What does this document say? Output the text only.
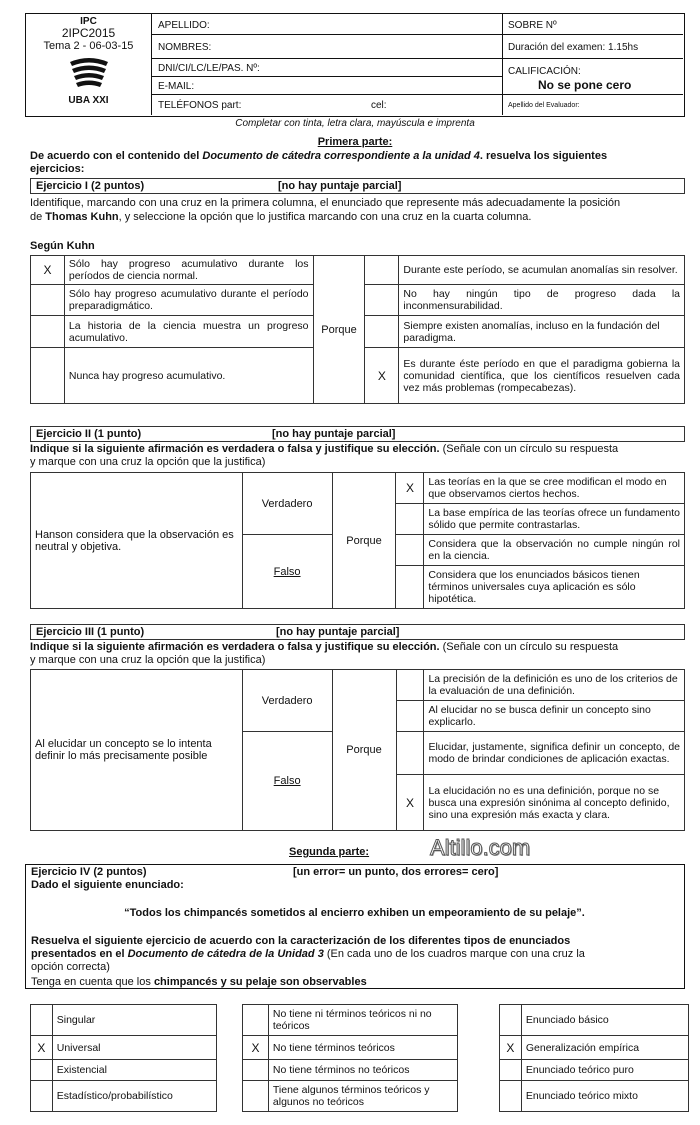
IPC
2IPC2015
Tema 2 - 06-03-15
UBA XXI
APELLIDO:
NOMBRES:
DNI/CI/LC/LE/PAS. Nº:
E-MAIL:
TELÉFONOS part:	cel:
SOBRE Nº
Duración del examen: 1.15hs
CALIFICACIÓN:
No se pone cero
Apellido del Evaluador:
Completar con tinta, letra clara, mayúscula e imprenta
Primera parte:
De acuerdo con el contenido del Documento de cátedra correspondiente a la unidad 4. resuelva los siguientes
ejercicios:
Ejercicio I (2 puntos)	[no hay puntaje parcial]
Identifique, marcando con una cruz en la primera columna, el enunciado que represente más adecuadamente la posición
de Thomas Kuhn, y seleccione la opción que lo justifica marcando con una cruz en la cuarta columna.
Según Kuhn
X	Sólo hay progreso acumulativo durante los períodos de ciencia normal.	Porque		Durante este período, se acumulan anomalías sin resolver.
	Sólo hay progreso acumulativo durante el período preparadigmático.			No hay ningún tipo de progreso dada la inconmensurabilidad.
	La historia de la ciencia muestra un progreso acumulativo.			Siempre existen anomalías, incluso en la fundación del paradigma.
	Nunca hay progreso acumulativo.		X	Es durante éste período en que el paradigma gobierna la comunidad científica, que los científicos resuelven cada vez más problemas (rompecabezas).
Ejercicio II (1 punto)	[no hay puntaje parcial]
Indique si la siguiente afirmación es verdadera o falsa y justifique su elección. (Señale con un círculo su respuesta
y marque con una cruz la opción que la justifica)
Hanson considera que la observación es neutral y objetiva.	Verdadero	Porque	X	Las teorías en la que se cree modifican el modo en que observamos ciertos hechos.
				La base empírica de las teorías ofrece un fundamento sólido que permite contrastarlas.
	Falso			Considera que la observación no cumple ningún rol en la ciencia.
				Considera que los enunciados básicos tienen términos universales cuya aplicación es sólo hipotética.
Ejercicio III (1 punto)	[no hay puntaje parcial]
Indique si la siguiente afirmación es verdadera o falsa y justifique su elección. (Señale con un círculo su respuesta
y marque con una cruz la opción que la justifica)
Al elucidar un concepto se lo intenta definir lo más precisamente posible	Verdadero	Porque		La precisión de la definición es uno de los criterios de la evaluación de una definición.
				Al elucidar no se busca definir un concepto sino explicarlo.
	Falso			Elucidar, justamente, significa definir un concepto, de modo de brindar condiciones de aplicación exactas.
			X	La elucidación no es una definición, porque no se busca una expresión sinónima al concepto definido, sino una expresión más exacta y clara.
Segunda parte:	Altillo.com
Ejercicio IV (2 puntos)	[un error= un punto, dos errores= cero]
Dado el siguiente enunciado:
“Todos los chimpancés sometidos al encierro exhiben un empeoramiento de su pelaje”.
Resuelva el siguiente ejercicio de acuerdo con la caracterización de los diferentes tipos de enunciados
presentados en el Documento de cátedra de la Unidad 3 (En cada uno de los cuadros marque con una cruz la
opción correcta)
Tenga en cuenta que los chimpancés y su pelaje son observables
	Singular
X	Universal
	Existencial
	Estadístico/probabilístico
	No tiene ni términos teóricos ni no teóricos
X	No tiene términos teóricos
	No tiene términos no teóricos
	Tiene algunos términos teóricos y algunos no teóricos
	Enunciado básico
X	Generalización empírica
	Enunciado teórico puro
	Enunciado teórico mixto
